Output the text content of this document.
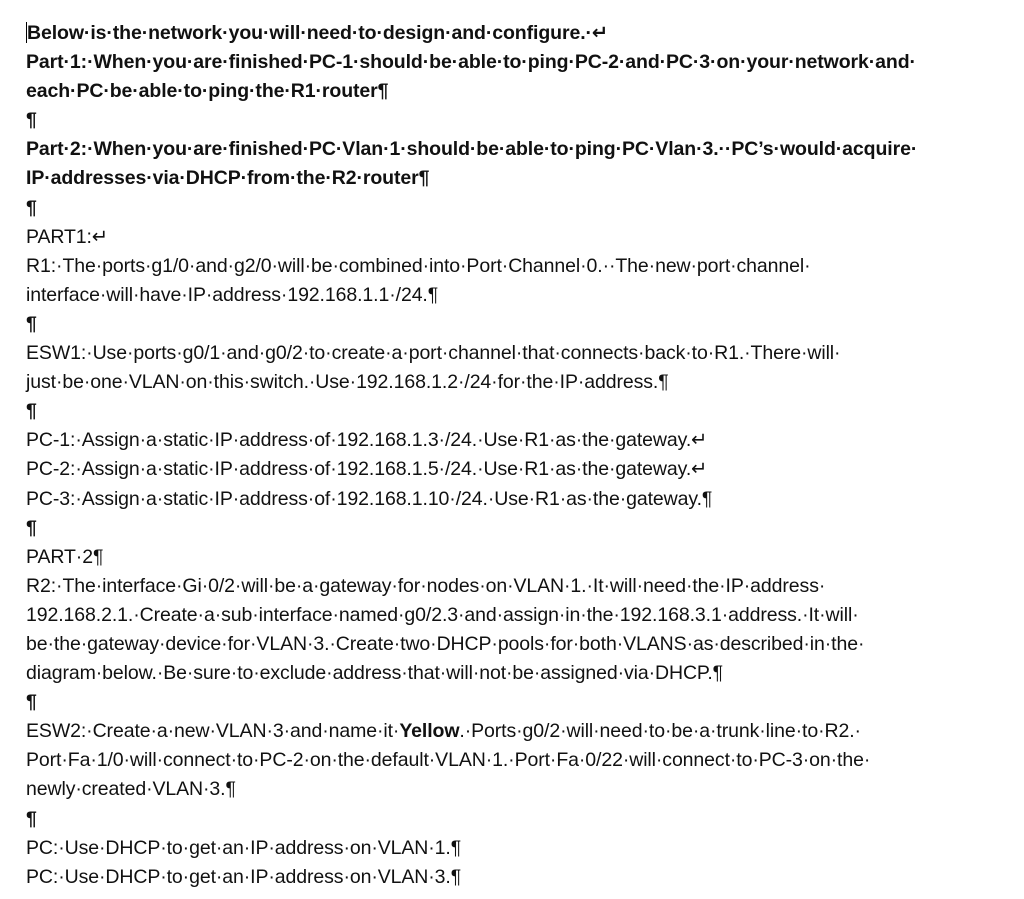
Below·is·the·network·you·will·need·to·design·and·configure.·↵
Part·1:·When·you·are·finished·PC-1·should·be·able·to·ping·PC-2·and·PC·3·on·your·network·and·
each·PC·be·able·to·ping·the·R1·router¶
¶
Part·2:·When·you·are·finished·PC·Vlan·1·should·be·able·to·ping·PC·Vlan·3.··PC’s·would·acquire·
IP·addresses·via·DHCP·from·the·R2·router¶
¶
PART1:↵
R1:·The·ports·g1/0·and·g2/0·will·be·combined·into·Port·Channel·0.··The·new·port·channel·
interface·will·have·IP·address·192.168.1.1·/24.¶
¶
ESW1:·Use·ports·g0/1·and·g0/2·to·create·a·port·channel·that·connects·back·to·R1.·There·will·
just·be·one·VLAN·on·this·switch.·Use·192.168.1.2·/24·for·the·IP·address.¶
¶
PC-1:·Assign·a·static·IP·address·of·192.168.1.3·/24.·Use·R1·as·the·gateway.↵
PC-2:·Assign·a·static·IP·address·of·192.168.1.5·/24.·Use·R1·as·the·gateway.↵
PC-3:·Assign·a·static·IP·address·of·192.168.1.10·/24.·Use·R1·as·the·gateway.¶
¶
PART·2¶
R2:·The·interface·Gi·0/2·will·be·a·gateway·for·nodes·on·VLAN·1.·It·will·need·the·IP·address·
192.168.2.1.·Create·a·sub·interface·named·g0/2.3·and·assign·in·the·192.168.3.1·address.·It·will·
be·the·gateway·device·for·VLAN·3.·Create·two·DHCP·pools·for·both·VLANS·as·described·in·the·
diagram·below.·Be·sure·to·exclude·address·that·will·not·be·assigned·via·DHCP.¶
¶
ESW2:·Create·a·new·VLAN·3·and·name·it·Yellow.·Ports·g0/2·will·need·to·be·a·trunk·line·to·R2.·
Port·Fa·1/0·will·connect·to·PC-2·on·the·default·VLAN·1.·Port·Fa·0/22·will·connect·to·PC-3·on·the·
newly·created·VLAN·3.¶
¶
PC:·Use·DHCP·to·get·an·IP·address·on·VLAN·1.¶
PC:·Use·DHCP·to·get·an·IP·address·on·VLAN·3.¶
